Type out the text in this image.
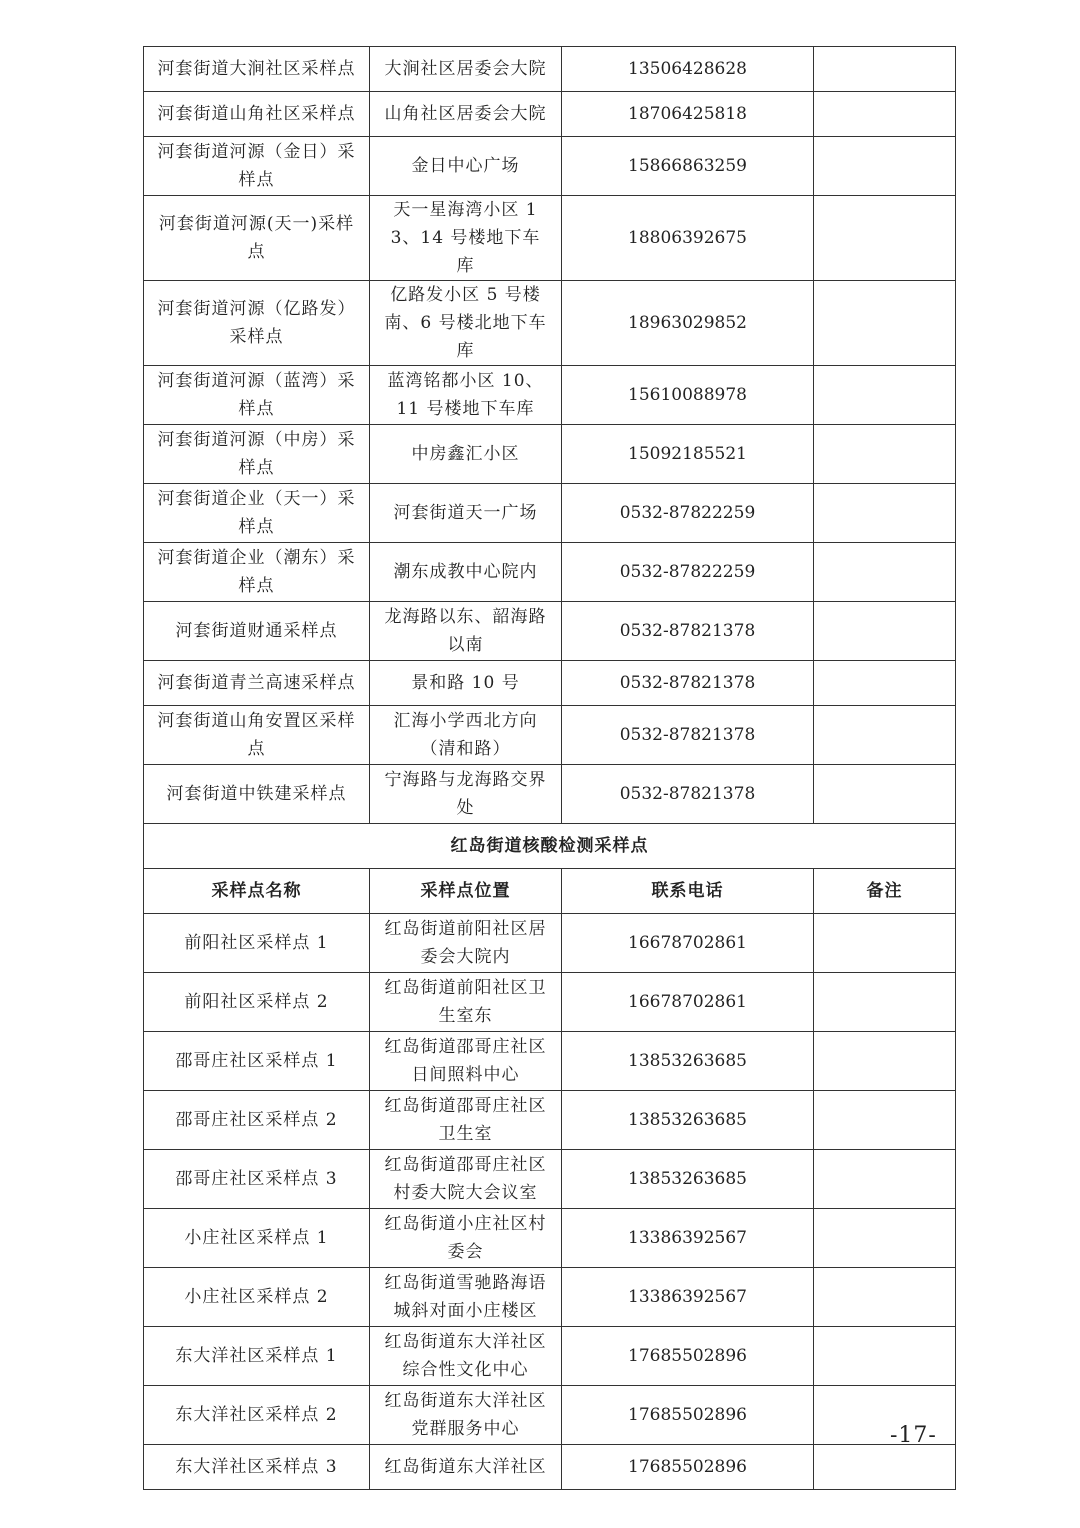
河套街道大涧社区采样点	大涧社区居委会大院	13506428628	
河套街道山角社区采样点	山角社区居委会大院	18706425818	
河套街道河源（金日）采样点	金日中心广场	15866863259	
河套街道河源(天一)采样点	天一星海湾小区 13、14 号楼地下车库	18806392675	
河套街道河源（亿路发）采样点	亿路发小区 5 号楼南、6 号楼北地下车库	18963029852	
河套街道河源（蓝湾）采样点	蓝湾铭都小区 10、11 号楼地下车库	15610088978	
河套街道河源（中房）采样点	中房鑫汇小区	15092185521	
河套街道企业（天一）采样点	河套街道天一广场	0532-87822259	
河套街道企业（潮东）采样点	潮东成教中心院内	0532-87822259	
河套街道财通采样点	龙海路以东、韶海路以南	0532-87821378	
河套街道青兰高速采样点	景和路 10 号	0532-87821378	
河套街道山角安置区采样点	汇海小学西北方向（清和路）	0532-87821378	
河套街道中铁建采样点	宁海路与龙海路交界处	0532-87821378	
红岛街道核酸检测采样点			
采样点名称	采样点位置	联系电话	备注
前阳社区采样点 1	红岛街道前阳社区居委会大院内	16678702861	
前阳社区采样点 2	红岛街道前阳社区卫生室东	16678702861	
邵哥庄社区采样点 1	红岛街道邵哥庄社区日间照料中心	13853263685	
邵哥庄社区采样点 2	红岛街道邵哥庄社区卫生室	13853263685	
邵哥庄社区采样点 3	红岛街道邵哥庄社区村委大院大会议室	13853263685	
小庄社区采样点 1	红岛街道小庄社区村委会	13386392567	
小庄社区采样点 2	红岛街道雪驰路海语城斜对面小庄楼区	13386392567	
东大洋社区采样点 1	红岛街道东大洋社区综合性文化中心	17685502896	
东大洋社区采样点 2	红岛街道东大洋社区党群服务中心	17685502896	
东大洋社区采样点 3	红岛街道东大洋社区	17685502896	
-17-
